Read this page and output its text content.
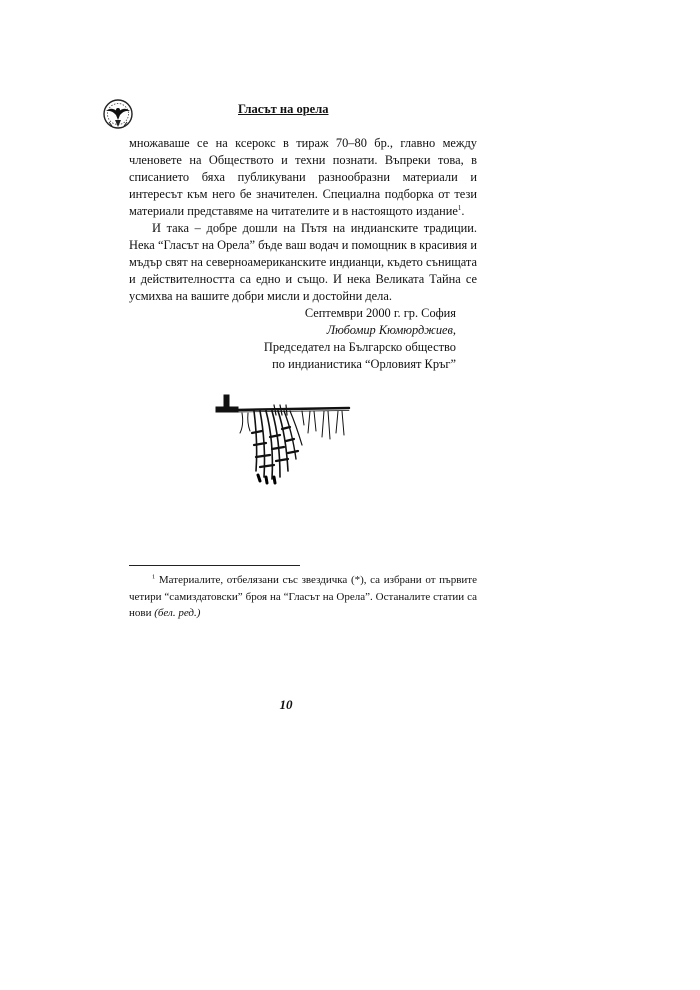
Гласът на орела

множаваше се на ксерокс в тираж 70–80 бр., главно между членовете на Обществото и техни познати. Въпреки това, в списанието бяха публикувани разнообразни материали и интересът към него бе значителен. Специална подборка от тези материали представяме на читателите и в настоящото издание$^1$.

И така – добре дошли на Пътя на индианските традиции. Нека “Гласът на Орела” бъде ваш водач и помощник в красивия и мъдър свят на северноамериканските индианци, където сънищата и действителността са едно и също. И нека Великата Тайна се усмихва на вашите добри мисли и достойни дела.

Септември 2000 г. гр. София
Любомир Кюмюрджиев,
Председател на Българско общество
по индианистика “Орловият Кръг”

$^1$ Материалите, отбелязани със звездичка (*), са избрани от първите четири “самиздатовски” броя на “Гласът на Орела”. Останалите статии са нови (бел. ред.)

10
